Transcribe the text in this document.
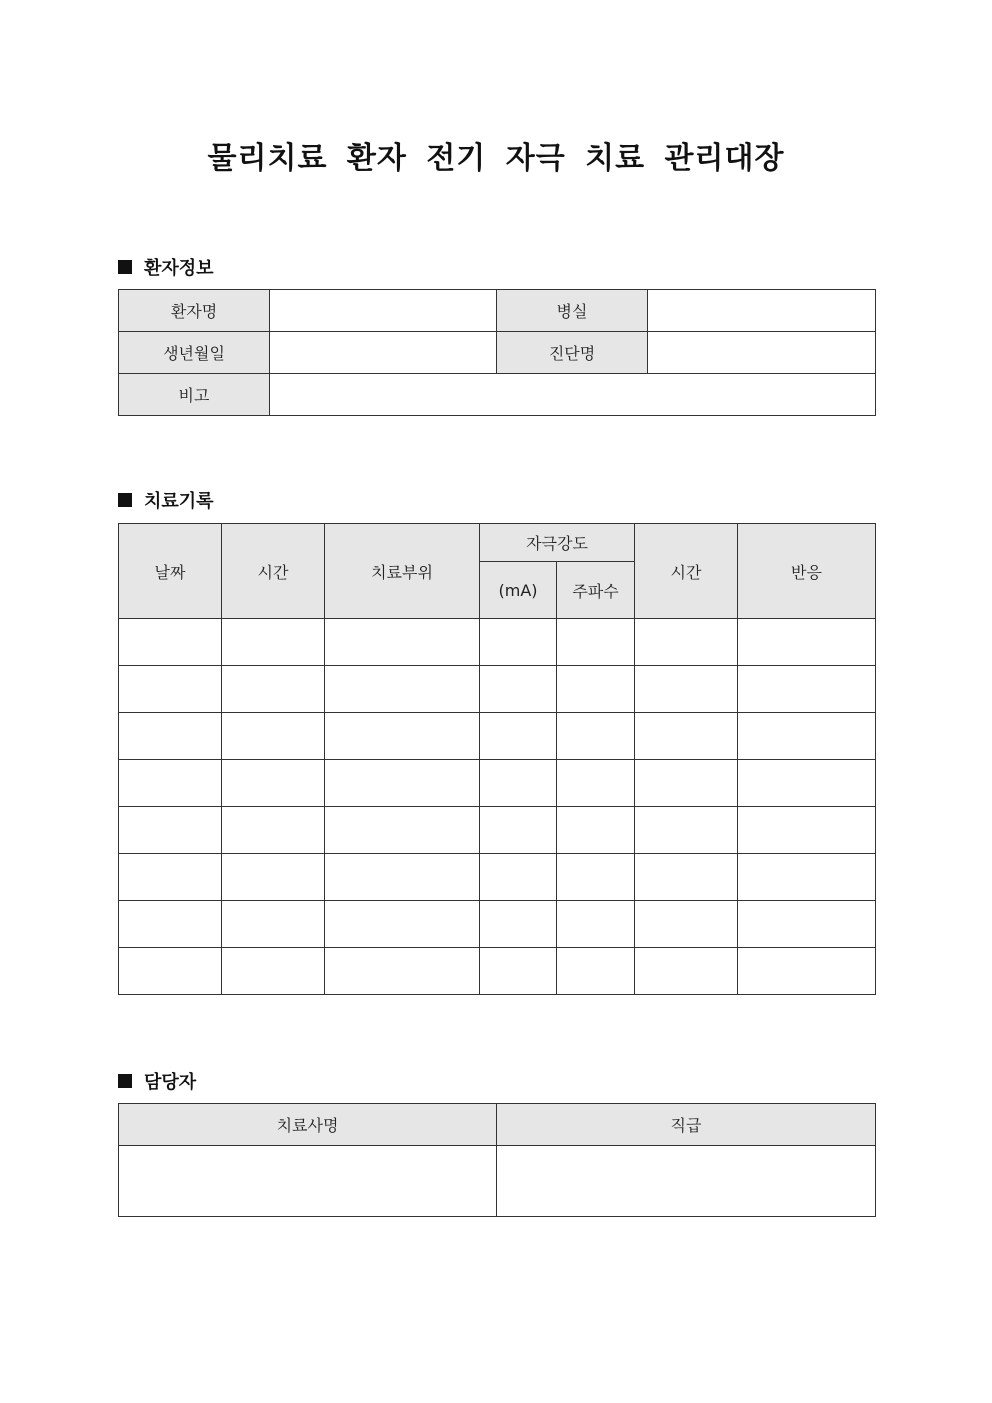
물리치료 환자 전기 자극 치료 관리대장
환자정보
환자명		병실	
생년월일		진단명	
비고			
치료기록
날짜	시간	치료부위	자극강도		시간	반응
			(mA)	주파수		

담당자
치료사명	직급
